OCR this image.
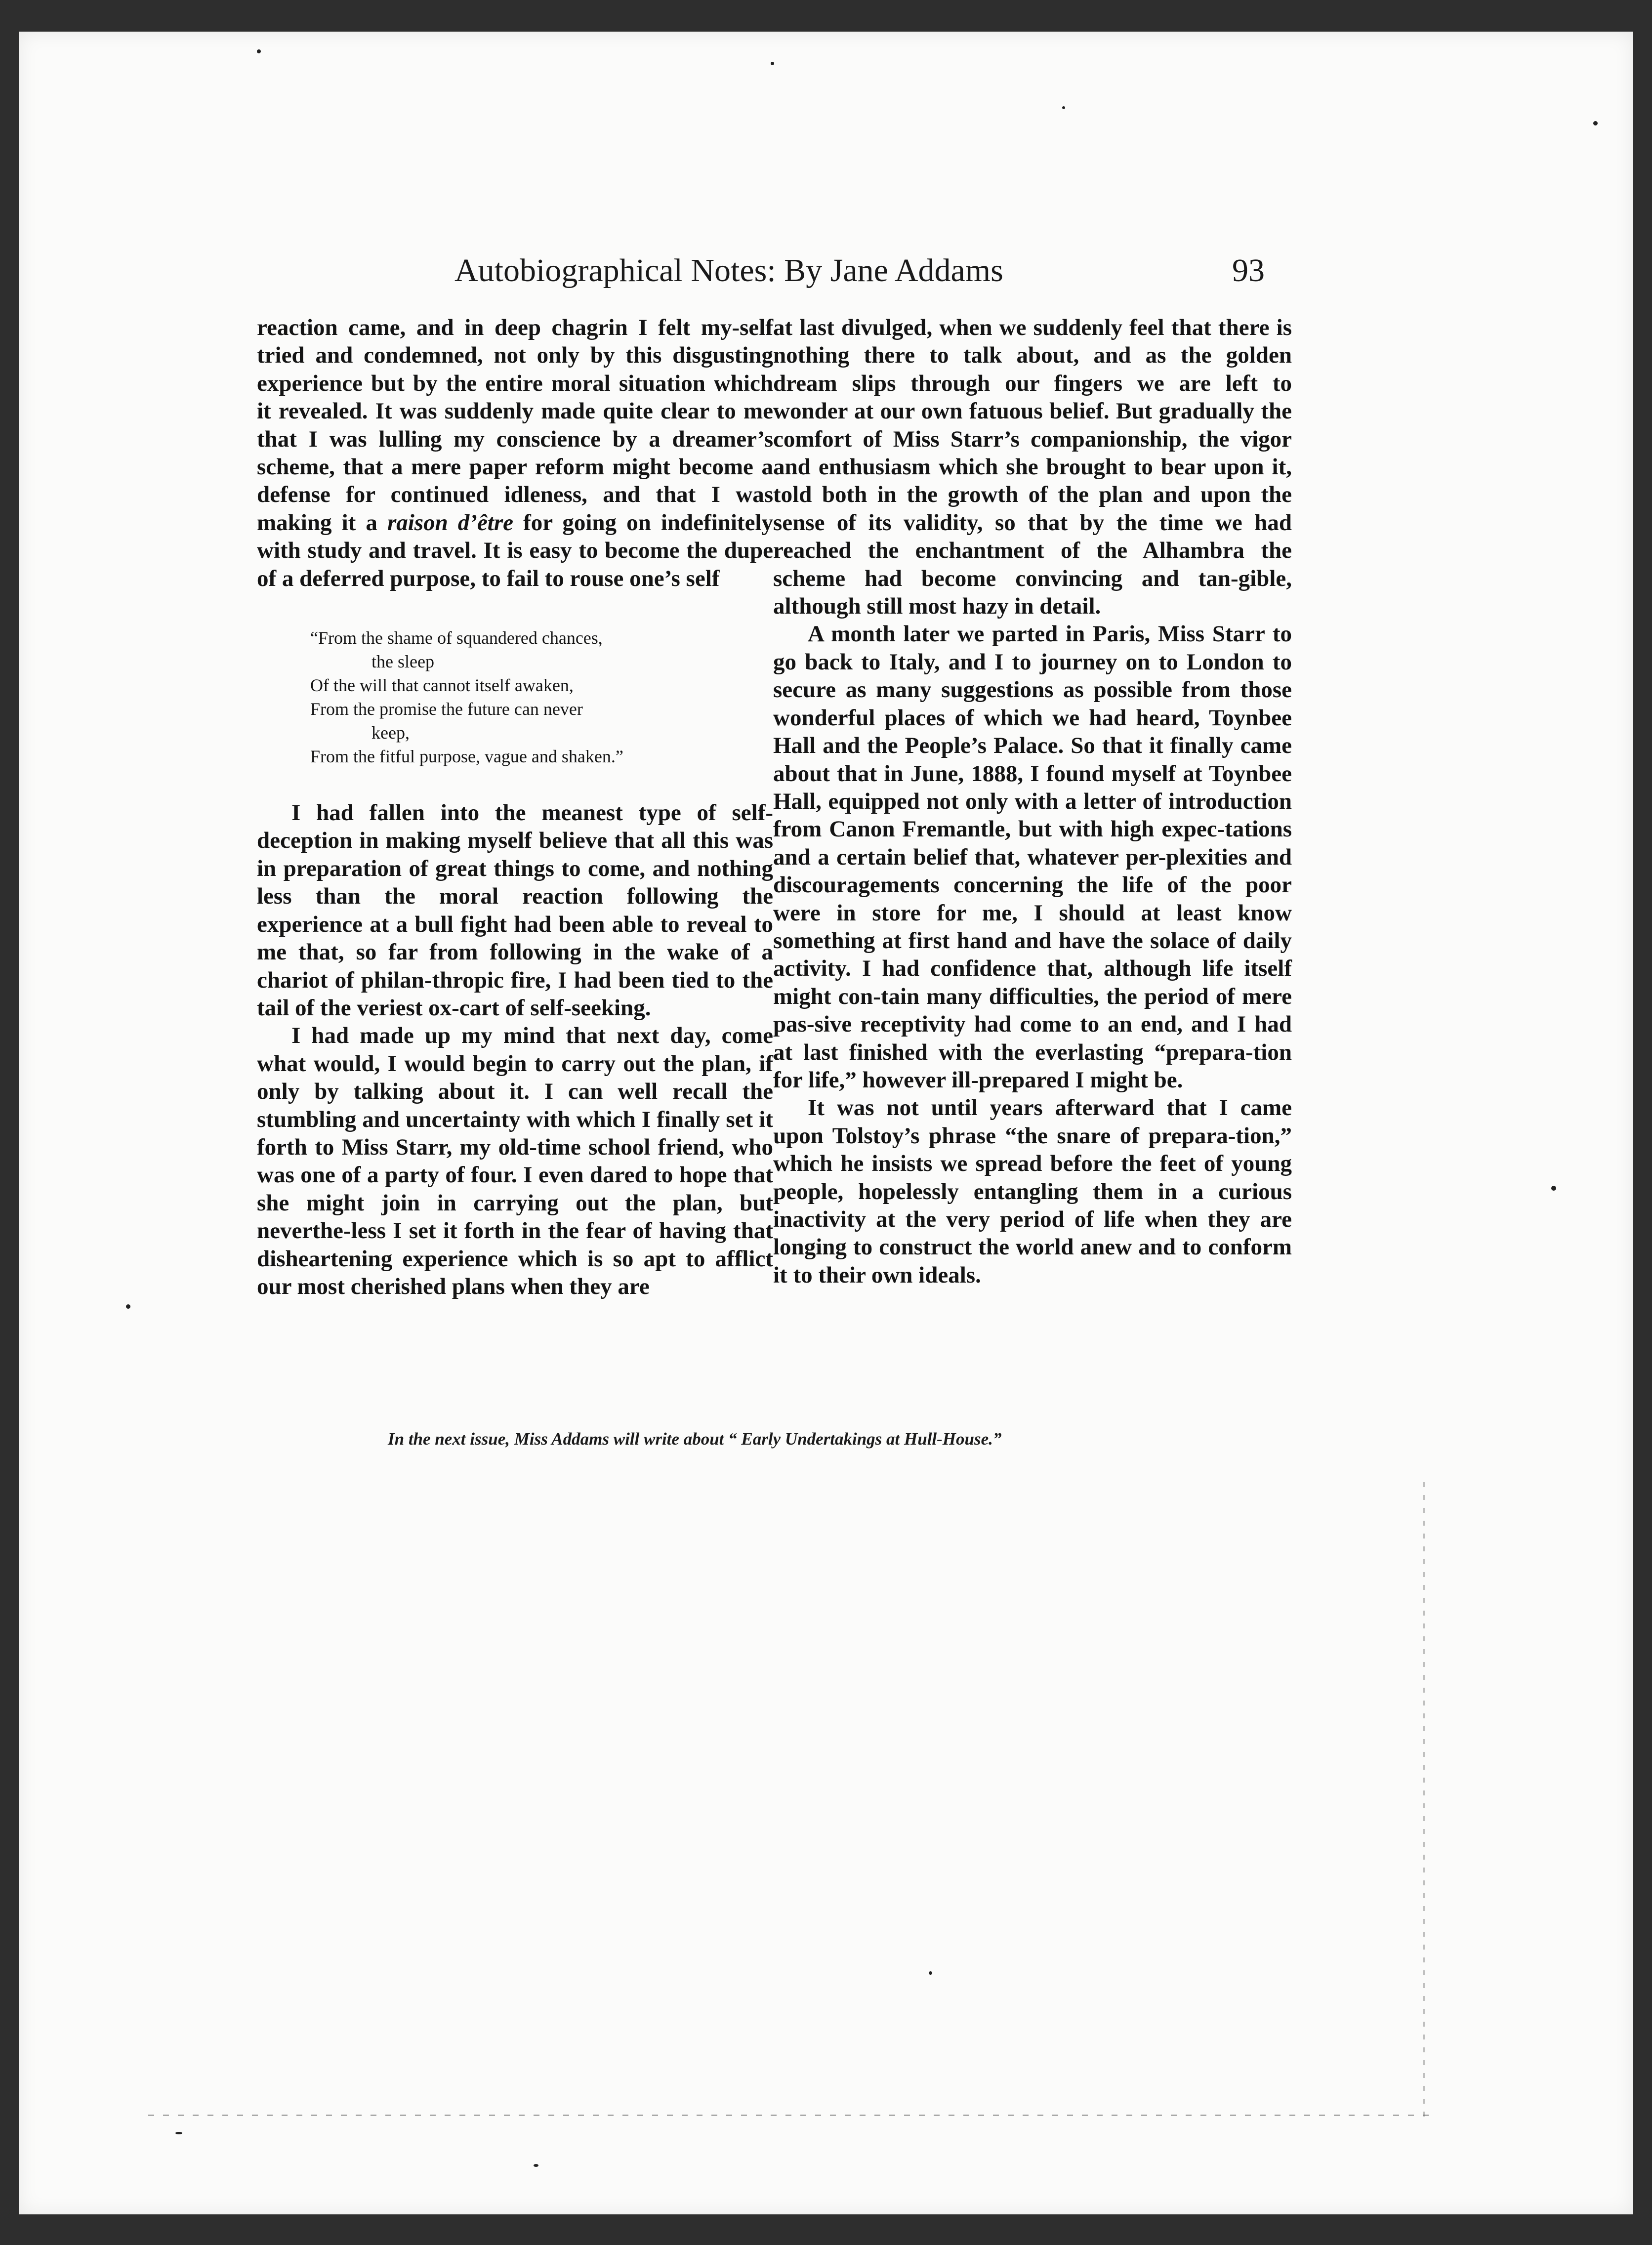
Autobiographical Notes: By Jane Addams	93

reaction came, and in deep chagrin I felt my-self tried and condemned, not only by this disgusting experience but by the entire moral situation which it revealed. It was suddenly made quite clear to me that I was lulling my conscience by a dreamer’s scheme, that a mere paper reform might become a defense for continued idleness, and that I was making it a raison d’être for going on indefinitely with study and travel. It is easy to become the dupe of a deferred purpose, to fail to rouse one’s self

“From the shame of squandered chances,
the sleep
Of the will that cannot itself awaken,
From the promise the future can never
keep,
From the fitful purpose, vague and shaken.”

I had fallen into the meanest type of self-deception in making myself believe that all this was in preparation of great things to come, and nothing less than the moral reaction following the experience at a bull fight had been able to reveal to me that, so far from following in the wake of a chariot of philan-thropic fire, I had been tied to the tail of the veriest ox-cart of self-seeking.

I had made up my mind that next day, come what would, I would begin to carry out the plan, if only by talking about it. I can well recall the stumbling and uncertainty with which I finally set it forth to Miss Starr, my old-time school friend, who was one of a party of four. I even dared to hope that she might join in carrying out the plan, but neverthe-less I set it forth in the fear of having that disheartening experience which is so apt to afflict our most cherished plans when they are

at last divulged, when we suddenly feel that there is nothing there to talk about, and as the golden dream slips through our fingers we are left to wonder at our own fatuous belief. But gradually the comfort of Miss Starr’s companionship, the vigor and enthusiasm which she brought to bear upon it, told both in the growth of the plan and upon the sense of its validity, so that by the time we had reached the enchantment of the Alhambra the scheme had become convincing and tan-gible, although still most hazy in detail.

A month later we parted in Paris, Miss Starr to go back to Italy, and I to journey on to London to secure as many suggestions as possible from those wonderful places of which we had heard, Toynbee Hall and the People’s Palace. So that it finally came about that in June, 1888, I found myself at Toynbee Hall, equipped not only with a letter of introduction from Canon Fremantle, but with high expec-tations and a certain belief that, whatever per-plexities and discouragements concerning the life of the poor were in store for me, I should at least know something at first hand and have the solace of daily activity. I had confidence that, although life itself might con-tain many difficulties, the period of mere pas-sive receptivity had come to an end, and I had at last finished with the everlasting “prepara-tion for life,” however ill-prepared I might be.

It was not until years afterward that I came upon Tolstoy’s phrase “the snare of prepara-tion,” which he insists we spread before the feet of young people, hopelessly entangling them in a curious inactivity at the very period of life when they are longing to construct the world anew and to conform it to their own ideals.

In the next issue, Miss Addams will write about “ Early Undertakings at Hull-House.”
